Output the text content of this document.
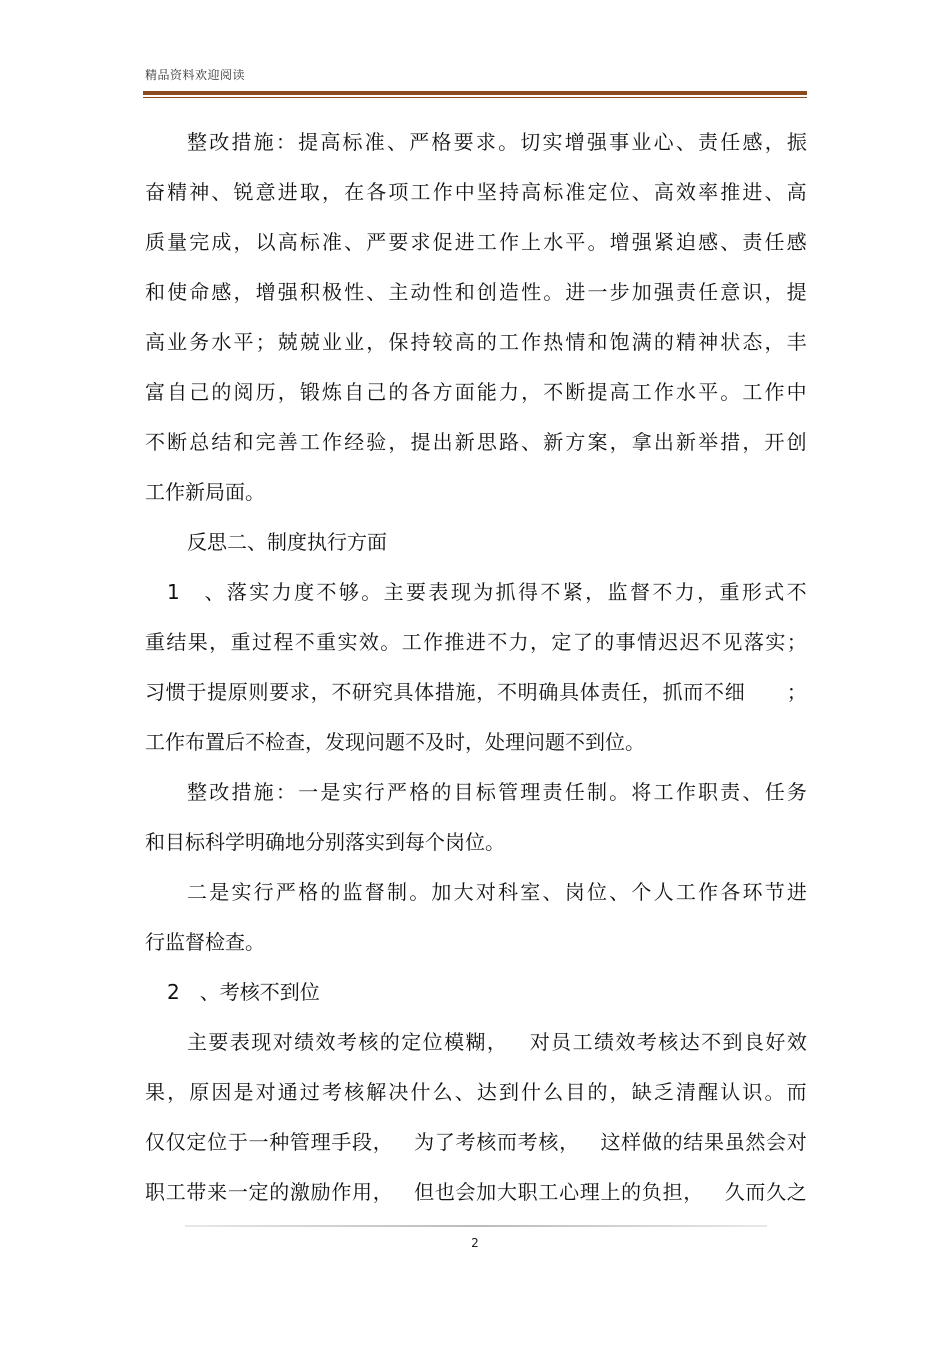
精品资料欢迎阅读
整 改 措 施 ： 提 高 标 准 、 严 格 要 求 。 切 实 增 强 事 业 心 、 责 任 感 ， 振
奋 精 神 、 锐 意 进 取 ， 在 各 项 工 作 中 坚 持 高 标 准 定 位 、 高 效 率 推 进 、 高
质 量 完 成 ， 以 高 标 准 、 严 要 求 促 进 工 作 上 水 平 。 增 强 紧 迫 感 、 责 任 感
和 使 命 感 ， 增 强 积 极 性 、 主 动 性 和 创 造 性 。 进 一 步 加 强 责 任 意 识 ， 提
高 业 务 水 平 ； 兢 兢 业 业 ， 保 持 较 高 的 工 作 热 情 和 饱 满 的 精 神 状 态 ， 丰
富 自 己 的 阅 历 ， 锻 炼 自 己 的 各 方 面 能 力 ， 不 断 提 高 工 作 水 平 。 工 作 中
不 断 总 结 和 完 善 工 作 经 验 ， 提 出 新 思 路 、 新 方 案 ， 拿 出 新 举 措 ， 开 创
工 作 新 局 面 。
反 思 二 、 制 度 执 行 方 面
1
　 、 落 实 力 度 不 够 。 主 要 表 现 为 抓 得 不 紧 ， 监 督 不 力 ， 重 形 式 不
重 结 果 ， 重 过 程 不 重 实 效 。 工 作 推 进 不 力 ， 定 了 的 事 情 迟 迟 不 见 落 实 ；
习 惯 于 提 原 则 要 求 ， 不 研 究 具 体 措 施 ， 不 明 确 具 体 责 任 ， 抓 而 不 细

　 ；
工 作 布 置 后 不 检 查 ， 发 现 问 题 不 及 时 ， 处 理 问 题 不 到 位 。
整 改 措 施 ： 一 是 实 行 严 格 的 目 标 管 理 责 任 制 。 将 工 作 职 责 、 任 务
和 目 标 科 学 明 确 地 分 别 落 实 到 每 个 岗 位 。
二 是 实 行 严 格 的 监 督 制 。 加 大 对 科 室 、 岗 位 、 个 人 工 作 各 环 节 进
行 监 督 检 查 。
2
　 、 考 核 不 到 位
主 要 表 现 对 绩 效 考 核 的 定 位 模 糊 ，
　 对 员 工 绩 效 考 核 达 不 到 良 好 效
果 ， 原 因 是 对 通 过 考 核 解 决 什 么 、 达 到 什 么 目 的 ， 缺 乏 清 醒 认 识 。 而
仅 仅 定 位 于 一 种 管 理 手 段 ，
　 为 了 考 核 而 考 核 ，
　 这 样 做 的 结 果 虽 然 会 对
职 工 带 来 一 定 的 激 励 作 用 ，
　 但 也 会 加 大 职 工 心 理 上 的 负 担 ，
　 久 而 久 之
2
